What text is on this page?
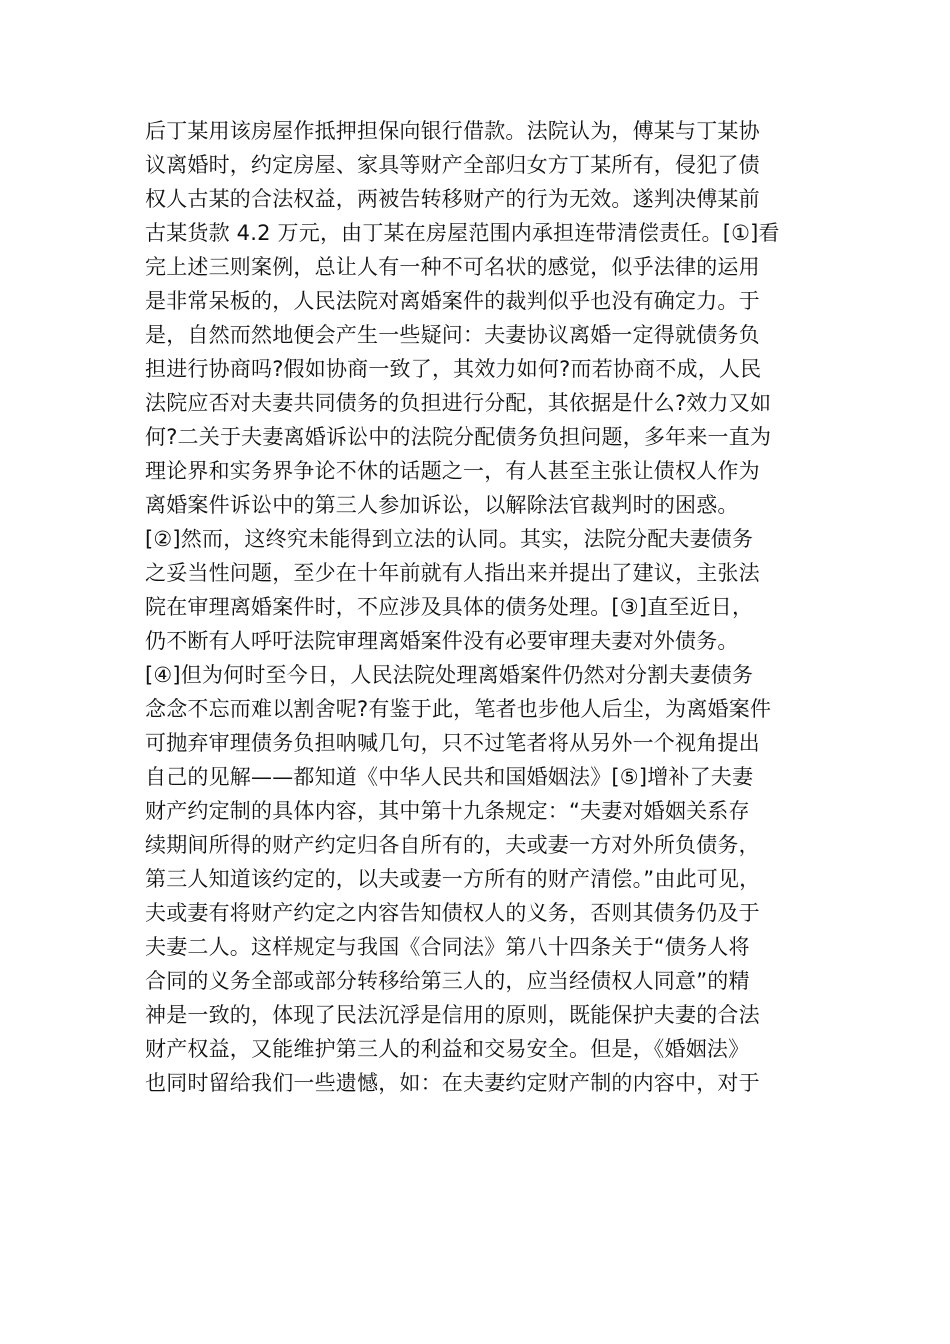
后丁某用该房屋作抵押担保向银行借款。法院认为，傅某与丁某协
议离婚时，约定房屋、家具等财产全部归女方丁某所有，侵犯了债
权人古某的合法权益，两被告转移财产的行为无效。遂判决傅某前
古某货款 4.2 万元，由丁某在房屋范围内承担连带清偿责任。[①]看
完上述三则案例，总让人有一种不可名状的感觉，似乎法律的运用
是非常呆板的，人民法院对离婚案件的裁判似乎也没有确定力。于
是，自然而然地便会产生一些疑问：夫妻协议离婚一定得就债务负
担进行协商吗?假如协商一致了，其效力如何?而若协商不成，人民
法院应否对夫妻共同债务的负担进行分配，其依据是什么?效力又如
何?二关于夫妻离婚诉讼中的法院分配债务负担问题，多年来一直为
理论界和实务界争论不休的话题之一，有人甚至主张让债权人作为
离婚案件诉讼中的第三人参加诉讼，以解除法官裁判时的困惑。
[②]然而，这终究未能得到立法的认同。其实，法院分配夫妻债务
之妥当性问题，至少在十年前就有人指出来并提出了建议，主张法
院在审理离婚案件时，不应涉及具体的债务处理。[③]直至近日，
仍不断有人呼吁法院审理离婚案件没有必要审理夫妻对外债务。
[④]但为何时至今日，人民法院处理离婚案件仍然对分割夫妻债务
念念不忘而难以割舍呢?有鉴于此，笔者也步他人后尘，为离婚案件
可抛弃审理债务负担呐喊几句，只不过笔者将从另外一个视角提出
自己的见解——都知道《中华人民共和国婚姻法》[⑤]增补了夫妻
财产约定制的具体内容，其中第十九条规定：“夫妻对婚姻关系存
续期间所得的财产约定归各自所有的，夫或妻一方对外所负债务，
第三人知道该约定的，以夫或妻一方所有的财产清偿。”由此可见，
夫或妻有将财产约定之内容告知债权人的义务，否则其债务仍及于
夫妻二人。这样规定与我国《合同法》第八十四条关于“债务人将
合同的义务全部或部分转移给第三人的，应当经债权人同意”的精
神是一致的，体现了民法沉浮是信用的原则，既能保护夫妻的合法
财产权益，又能维护第三人的利益和交易安全。但是，《婚姻法》
也同时留给我们一些遗憾，如：在夫妻约定财产制的内容中，对于
